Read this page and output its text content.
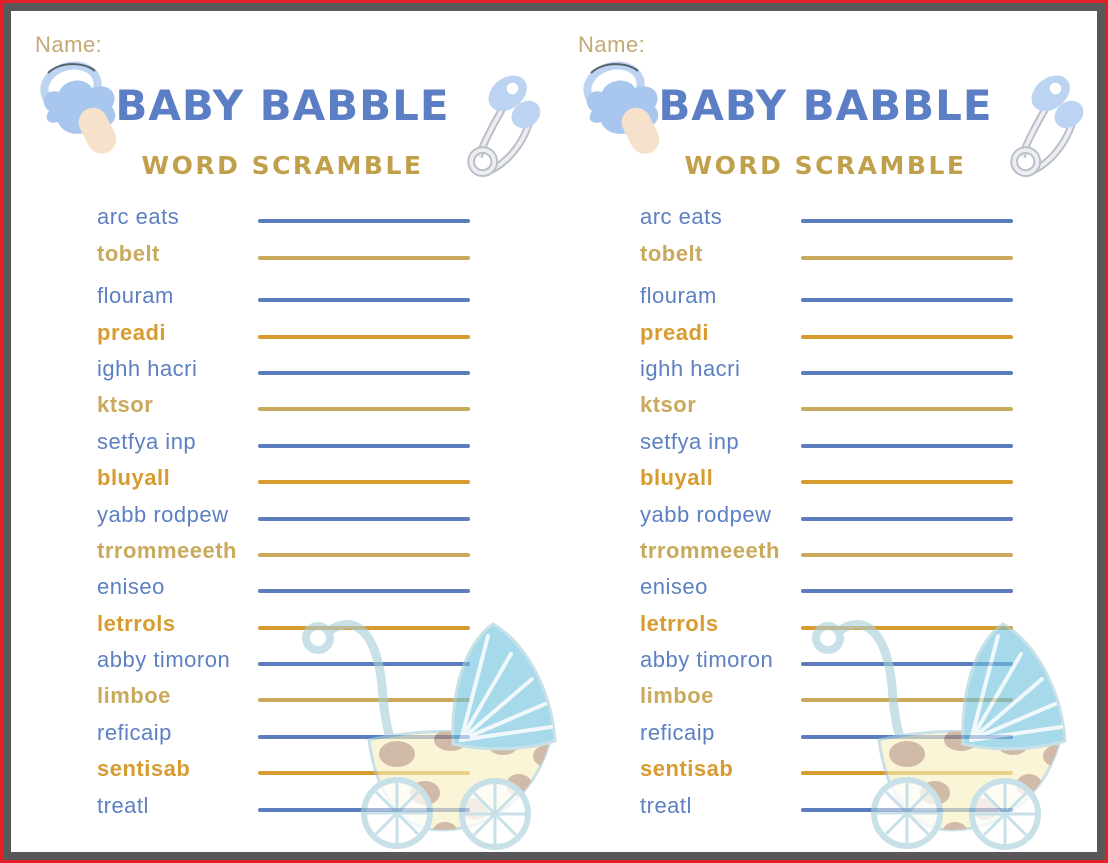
Name:
BABY BABBLE
WORD SCRAMBLE
arc eats
tobelt
flouram
preadi
ighh hacri
ktsor
setfya inp
bluyall
yabb rodpew
trrommeeeth
eniseo
letrrols
abby timoron
limboe
reficaip
sentisab
treatl
Name:
BABY BABBLE
WORD SCRAMBLE
arc eats
tobelt
flouram
preadi
ighh hacri
ktsor
setfya inp
bluyall
yabb rodpew
trrommeeeth
eniseo
letrrols
abby timoron
limboe
reficaip
sentisab
treatl
